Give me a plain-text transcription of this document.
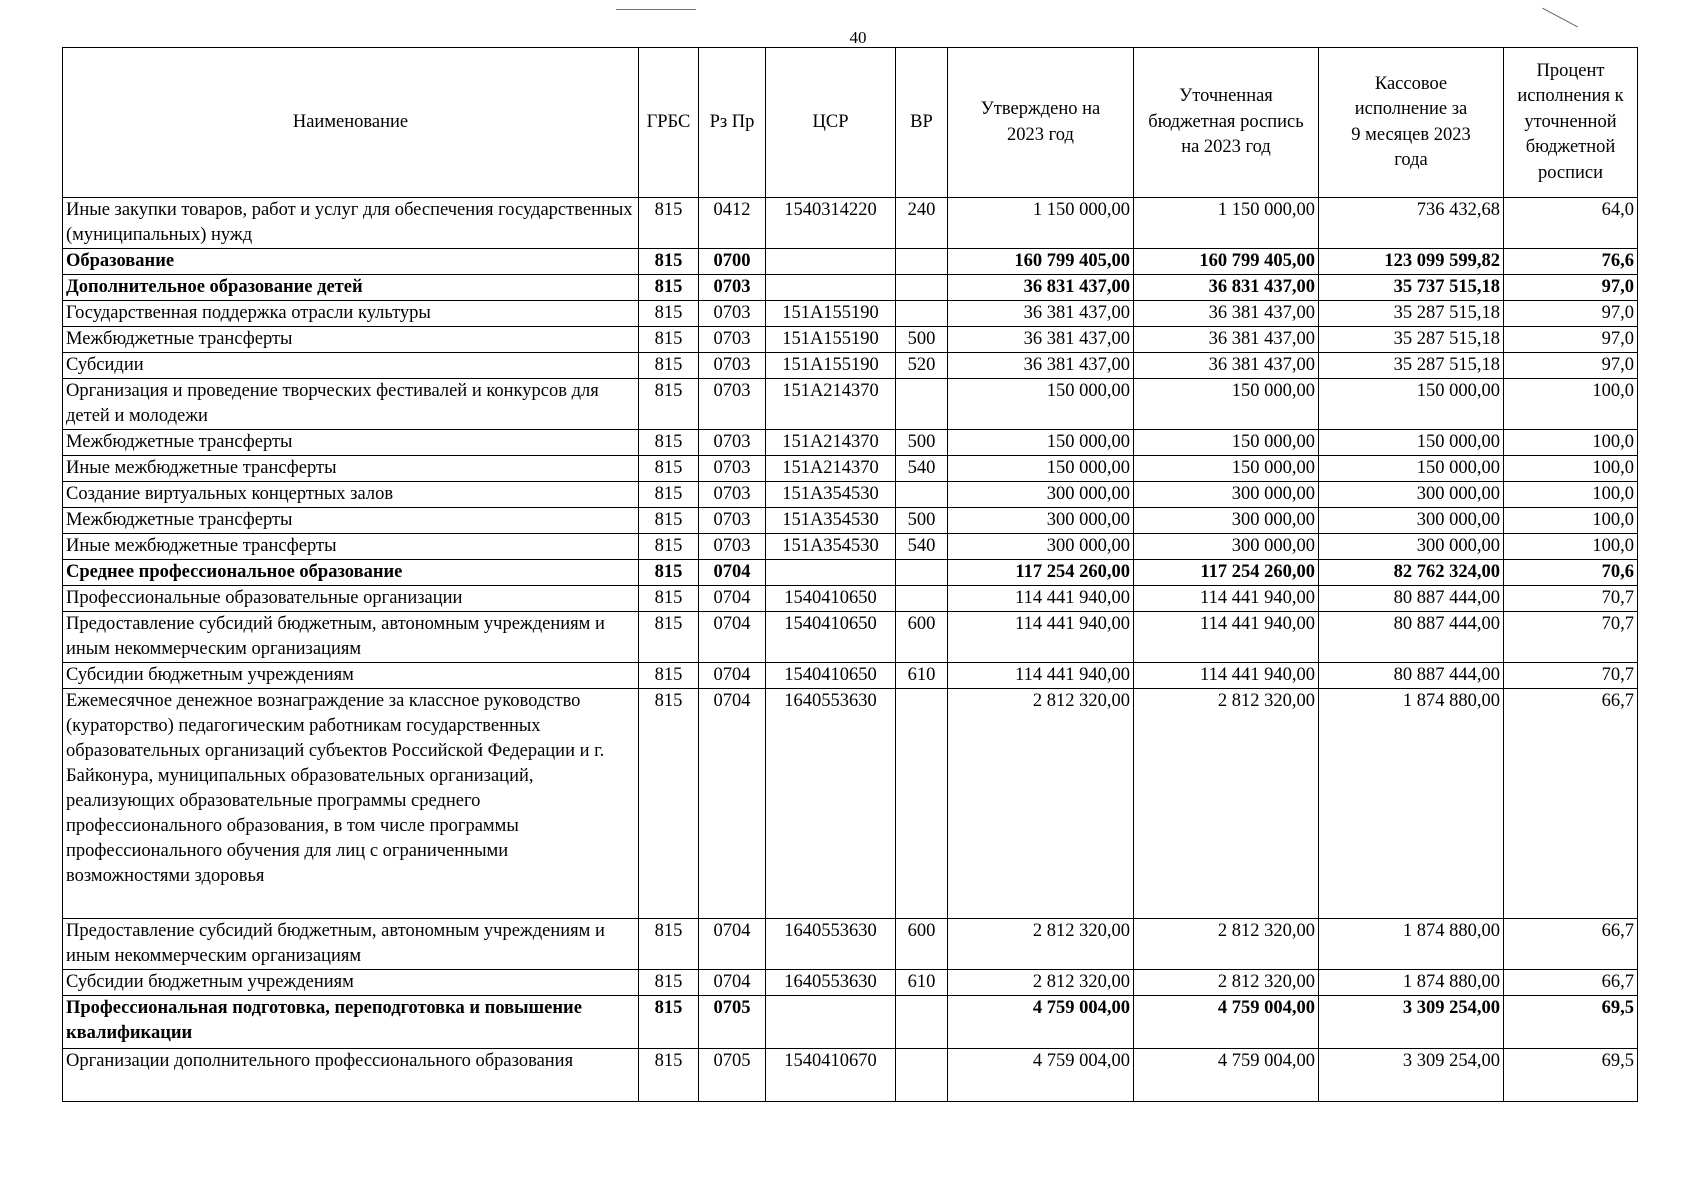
40
Наименование	ГРБС	Рз Пр	ЦСР	ВР	Утверждено на 2023 год	Уточненная бюджетная роспись на 2023 год	Кассовое исполнение за 9 месяцев 2023 года	Процент исполнения к уточненной бюджетной росписи
Иные закупки товаров, работ и услуг для обеспечения государственных (муниципальных) нужд	815	0412	1540314220	240	1 150 000,00	1 150 000,00	736 432,68	64,0
Образование	815	0700			160 799 405,00	160 799 405,00	123 099 599,82	76,6
Дополнительное образование детей	815	0703			36 831 437,00	36 831 437,00	35 737 515,18	97,0
Государственная поддержка отрасли культуры	815	0703	151А155190		36 381 437,00	36 381 437,00	35 287 515,18	97,0
Межбюджетные трансферты	815	0703	151А155190	500	36 381 437,00	36 381 437,00	35 287 515,18	97,0
Субсидии	815	0703	151А155190	520	36 381 437,00	36 381 437,00	35 287 515,18	97,0
Организация и проведение творческих фестивалей и конкурсов для детей и молодежи	815	0703	151А214370		150 000,00	150 000,00	150 000,00	100,0
Межбюджетные трансферты	815	0703	151А214370	500	150 000,00	150 000,00	150 000,00	100,0
Иные межбюджетные трансферты	815	0703	151А214370	540	150 000,00	150 000,00	150 000,00	100,0
Создание виртуальных концертных залов	815	0703	151А354530		300 000,00	300 000,00	300 000,00	100,0
Межбюджетные трансферты	815	0703	151А354530	500	300 000,00	300 000,00	300 000,00	100,0
Иные межбюджетные трансферты	815	0703	151А354530	540	300 000,00	300 000,00	300 000,00	100,0
Среднее профессиональное образование	815	0704			117 254 260,00	117 254 260,00	82 762 324,00	70,6
Профессиональные образовательные организации	815	0704	1540410650		114 441 940,00	114 441 940,00	80 887 444,00	70,7
Предоставление субсидий бюджетным, автономным учреждениям и иным некоммерческим организациям	815	0704	1540410650	600	114 441 940,00	114 441 940,00	80 887 444,00	70,7
Субсидии бюджетным учреждениям	815	0704	1540410650	610	114 441 940,00	114 441 940,00	80 887 444,00	70,7
Ежемесячное денежное вознаграждение за классное руководство (кураторство) педагогическим работникам государственных образовательных организаций субъектов Российской Федерации и г. Байконура, муниципальных образовательных организаций, реализующих образовательные программы среднего профессионального образования, в том числе программы профессионального обучения для лиц с ограниченными возможностями здоровья	815	0704	1640553630		2 812 320,00	2 812 320,00	1 874 880,00	66,7
Предоставление субсидий бюджетным, автономным учреждениям и иным некоммерческим организациям	815	0704	1640553630	600	2 812 320,00	2 812 320,00	1 874 880,00	66,7
Субсидии бюджетным учреждениям	815	0704	1640553630	610	2 812 320,00	2 812 320,00	1 874 880,00	66,7
Профессиональная подготовка, переподготовка и повышение квалификации	815	0705			4 759 004,00	4 759 004,00	3 309 254,00	69,5
Организации дополнительного профессионального образования	815	0705	1540410670		4 759 004,00	4 759 004,00	3 309 254,00	69,5
